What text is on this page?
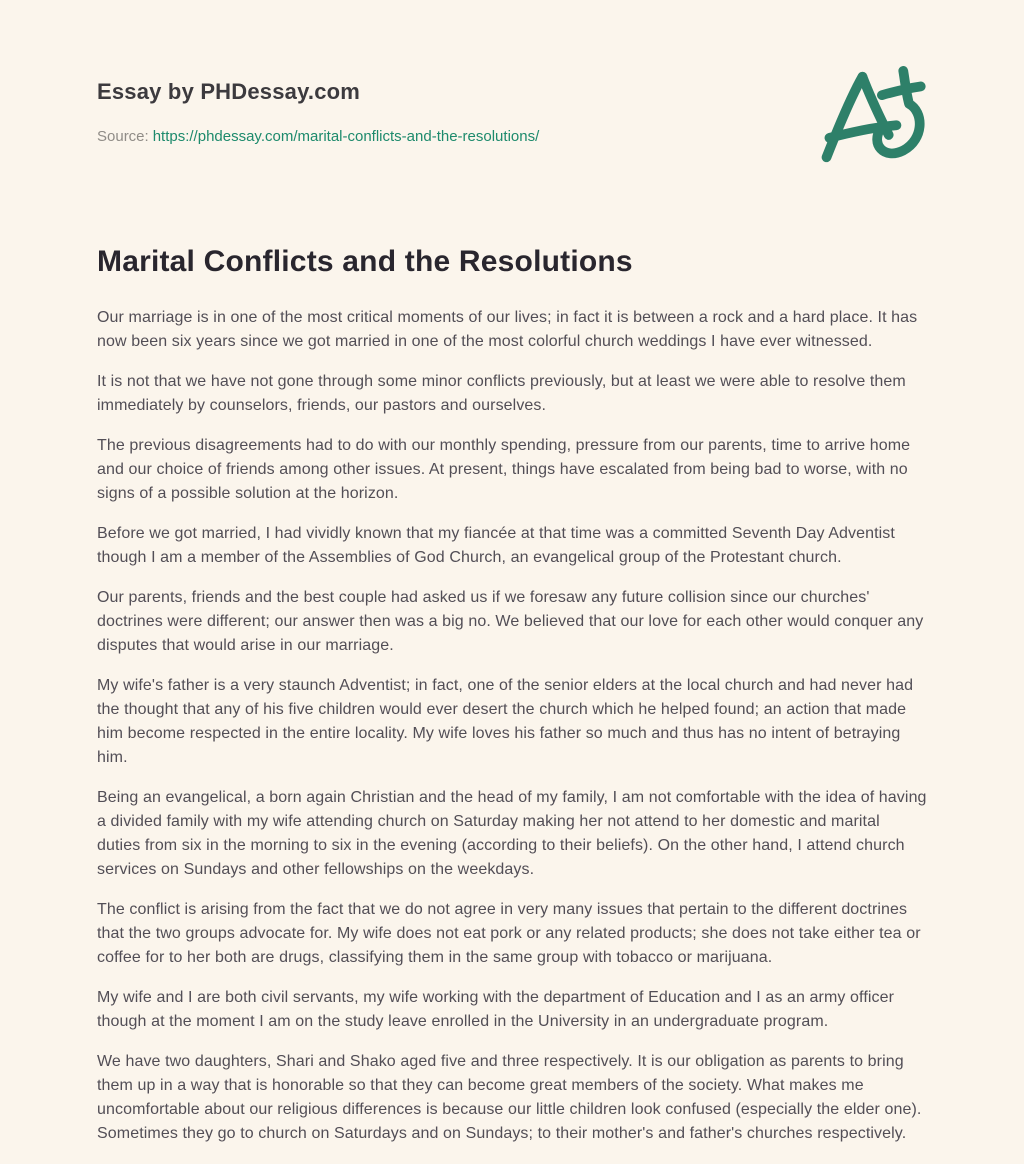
Essay by PHDessay.com
Source: https://phdessay.com/marital-conflicts-and-the-resolutions/
Marital Conflicts and the Resolutions

Our marriage is in one of the most critical moments of our lives; in fact it is between a rock and a hard place. It has now been six years since we got married in one of the most colorful church weddings I have ever witnessed.

It is not that we have not gone through some minor conflicts previously, but at least we were able to resolve them immediately by counselors, friends, our pastors and ourselves.

The previous disagreements had to do with our monthly spending, pressure from our parents, time to arrive home and our choice of friends among other issues. At present, things have escalated from being bad to worse, with no signs of a possible solution at the horizon.

Before we got married, I had vividly known that my fiancée at that time was a committed Seventh Day Adventist though I am a member of the Assemblies of God Church, an evangelical group of the Protestant church.

Our parents, friends and the best couple had asked us if we foresaw any future collision since our churches' doctrines were different; our answer then was a big no. We believed that our love for each other would conquer any disputes that would arise in our marriage.

My wife's father is a very staunch Adventist; in fact, one of the senior elders at the local church and had never had the thought that any of his five children would ever desert the church which he helped found; an action that made him become respected in the entire locality. My wife loves his father so much and thus has no intent of betraying him.

Being an evangelical, a born again Christian and the head of my family, I am not comfortable with the idea of having a divided family with my wife attending church on Saturday making her not attend to her domestic and marital duties from six in the morning to six in the evening (according to their beliefs). On the other hand, I attend church services on Sundays and other fellowships on the weekdays.

The conflict is arising from the fact that we do not agree in very many issues that pertain to the different doctrines that the two groups advocate for. My wife does not eat pork or any related products; she does not take either tea or coffee for to her both are drugs, classifying them in the same group with tobacco or marijuana.

My wife and I are both civil servants, my wife working with the department of Education and I as an army officer though at the moment I am on the study leave enrolled in the University in an undergraduate program.

We have two daughters, Shari and Shako aged five and three respectively. It is our obligation as parents to bring them up in a way that is honorable so that they can become great members of the society. What makes me uncomfortable about our religious differences is because our little children look confused (especially the elder one). Sometimes they go to church on Saturdays and on Sundays; to their mother's and father's churches respectively.
